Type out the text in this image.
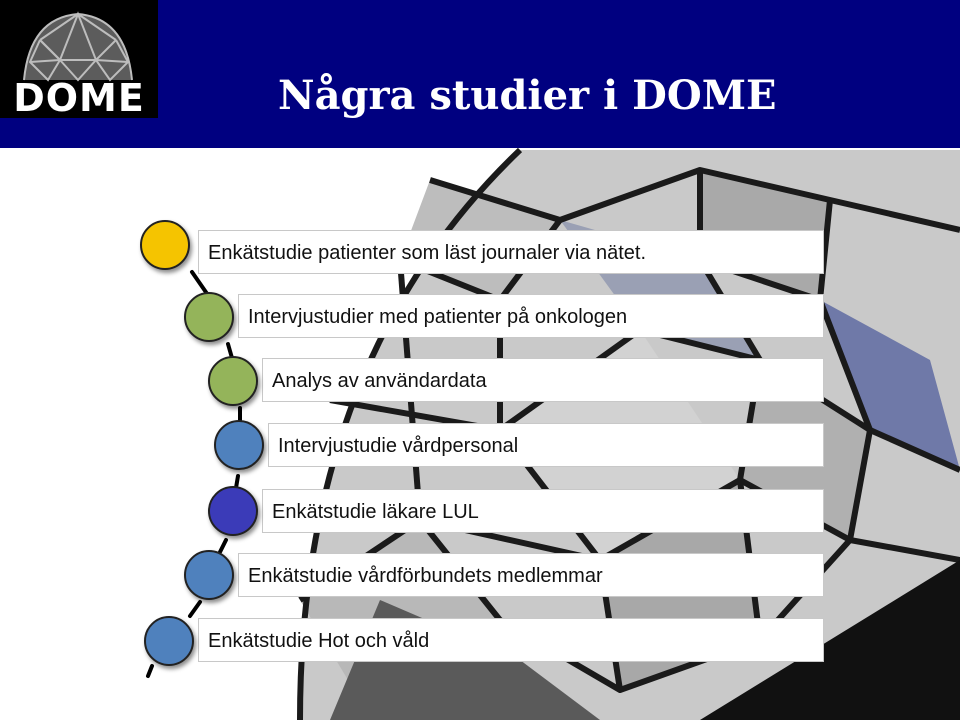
DOME	Några studier i DOME
Enkätstudie patienter som läst journaler via nätet.
Intervjustudier med patienter på onkologen
Analys av användardata
Intervjustudie vårdpersonal
Enkätstudie läkare LUL
Enkätstudie vårdförbundets medlemmar
Enkätstudie Hot och våld
